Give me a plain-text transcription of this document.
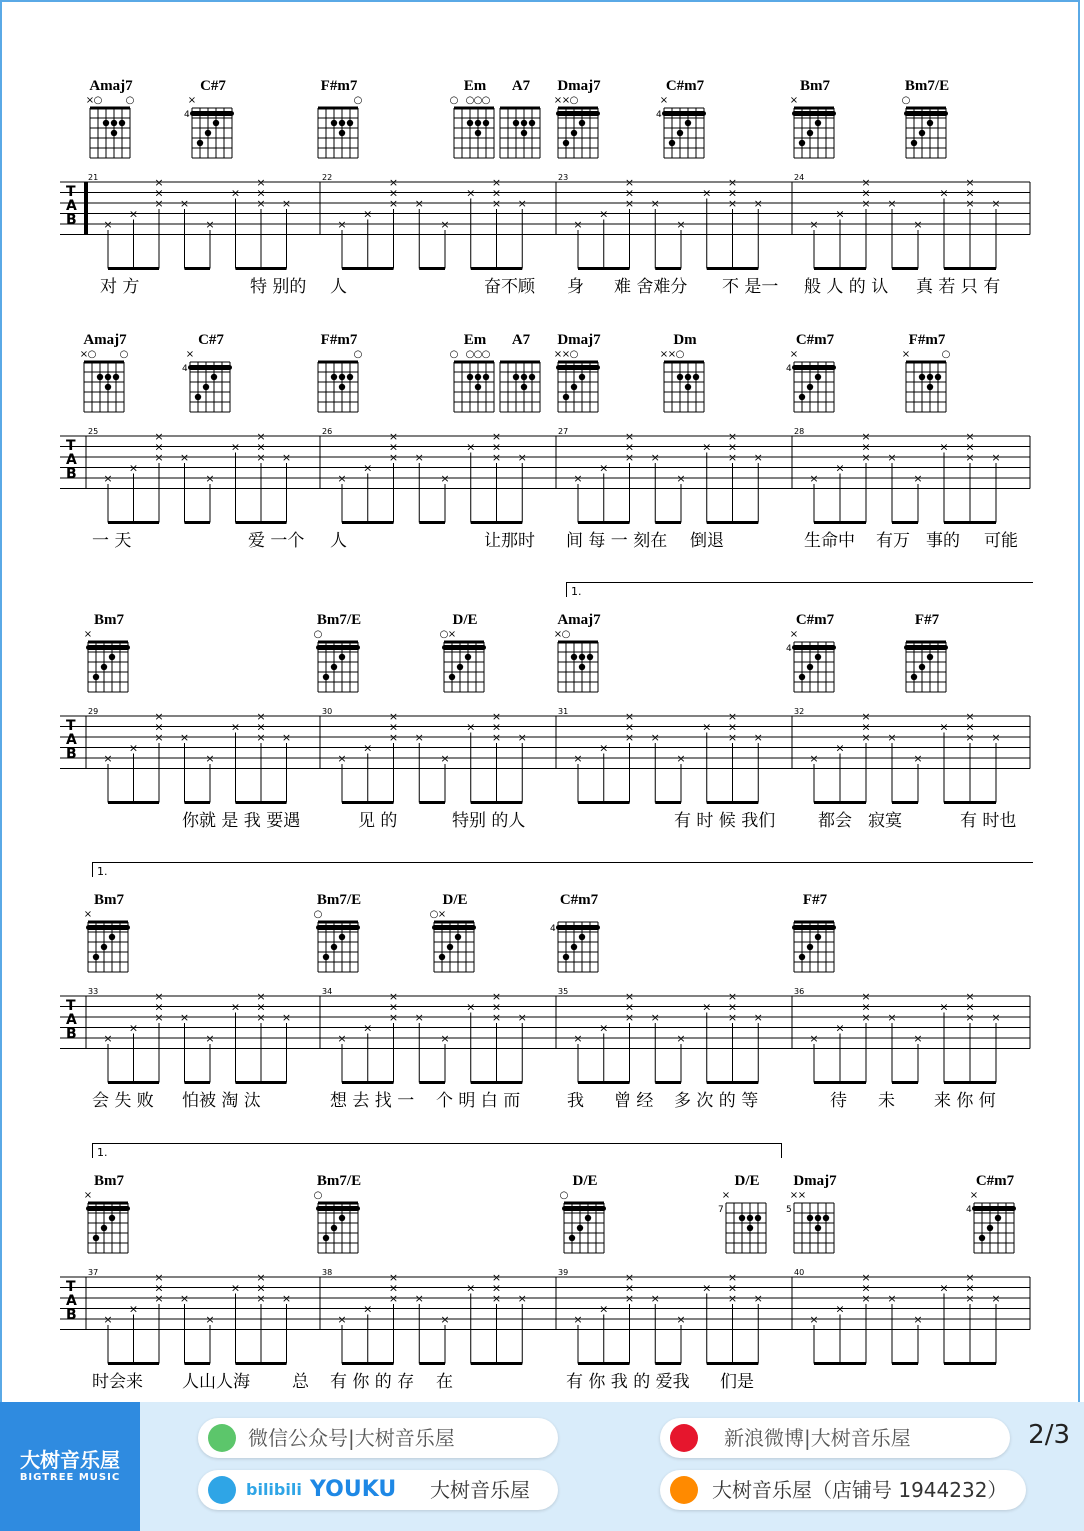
Amaj7
× ○ ○
C#7
×
4
F#m7
○
Em
○ ○ ○ ○
A7	Dmaj7
× × ○
C#m7
×
4
Bm7
×
Bm7/E
○
T
A
B
21	22	23	24
×
×
×
×
× ×
×
×
×
×
× ×
×
×
×
×
× ×
×
×
×
×
× ×
×
×
×
×
× ×
×
×
×
×
× ×
×
×
×
×
× ×
×
×
×
×
× ×
对 方	特 别的 人	奋不顾 身 难 舍难分 不 是一 般 人 的 认 真 若 只 有
Amaj7
× ○ ○
C#7
×
4
F#m7
○
Em
○ ○ ○ ○
A7	Dmaj7
× × ○
Dm
× × ○
C#m7
×
4
F#m7
×	○
T
A
B
25	26	27	28
×
×
×
×
× ×
×
×
×
×
× ×
×
×
×
×
× ×
×
×
×
×
× ×
×
×
×
×
× ×
×
×
×
×
× ×
×
×
×
×
× ×
×
×
×
×
× ×
一 天	爱 一个 人	让那时 间 每 一 刻在 倒退	生命中 有万 事的 可能
Bm7
×
Bm7/E
○
D/E
○ ×
Amaj7
× ○
C#m7
×
4
F#7
T
A
B
29	30	31	32
×
×
×
×
× ×
×
×
×
×
× ×
×
×
×
×
× ×
×
×
×
×
× ×
×
×
×
×
× ×
×
×
×
×
× ×
×
×
×
×
× ×
×
×
×
×
× ×
1.
你就 是 我 要遇	见 的	特别 的人	有 时 候 我们	都会 寂寞	有 时也
Bm7
×
Bm7/E
○
D/E
○ ×
C#m7
4
F#7
T
A
B
33	34	35	36
×
×
×
×
× ×
×
×
×
×
× ×
×
×
×
×
× ×
×
×
×
×
× ×
×
×
×
×
× ×
×
×
×
×
× ×
×
×
×
×
× ×
×
×
×
×
× ×
1.
会 失 败 怕被 淘 汰	想 去 找 一 个 明 白 而	我 曾 经 多 次 的 等	待 未 来 你 何
Bm7
×
Bm7/E
○
D/E
○
D/E
×
7
Dmaj7
× ×
5
C#m7
×
4
T
A
B
37	38	39	40
×
×
×
×
× ×
×
×
×
×
× ×
×
×
×
×
× ×
×
×
×
×
× ×
×
×
×
×
× ×
×
×
×
×
× ×
×
×
×
×
× ×
×
×
×
×
× ×
1.
时会来 人山人海 总 有 你 的 存 在	有 你 我 的 爱我 们是
大树音乐屋
BIGTREE MUSIC
微信公众号|大树音乐屋
bilibili YOUKU 大树音乐屋
新浪微博|大树音乐屋
大树音乐屋（店铺号 1944232）
2/3
